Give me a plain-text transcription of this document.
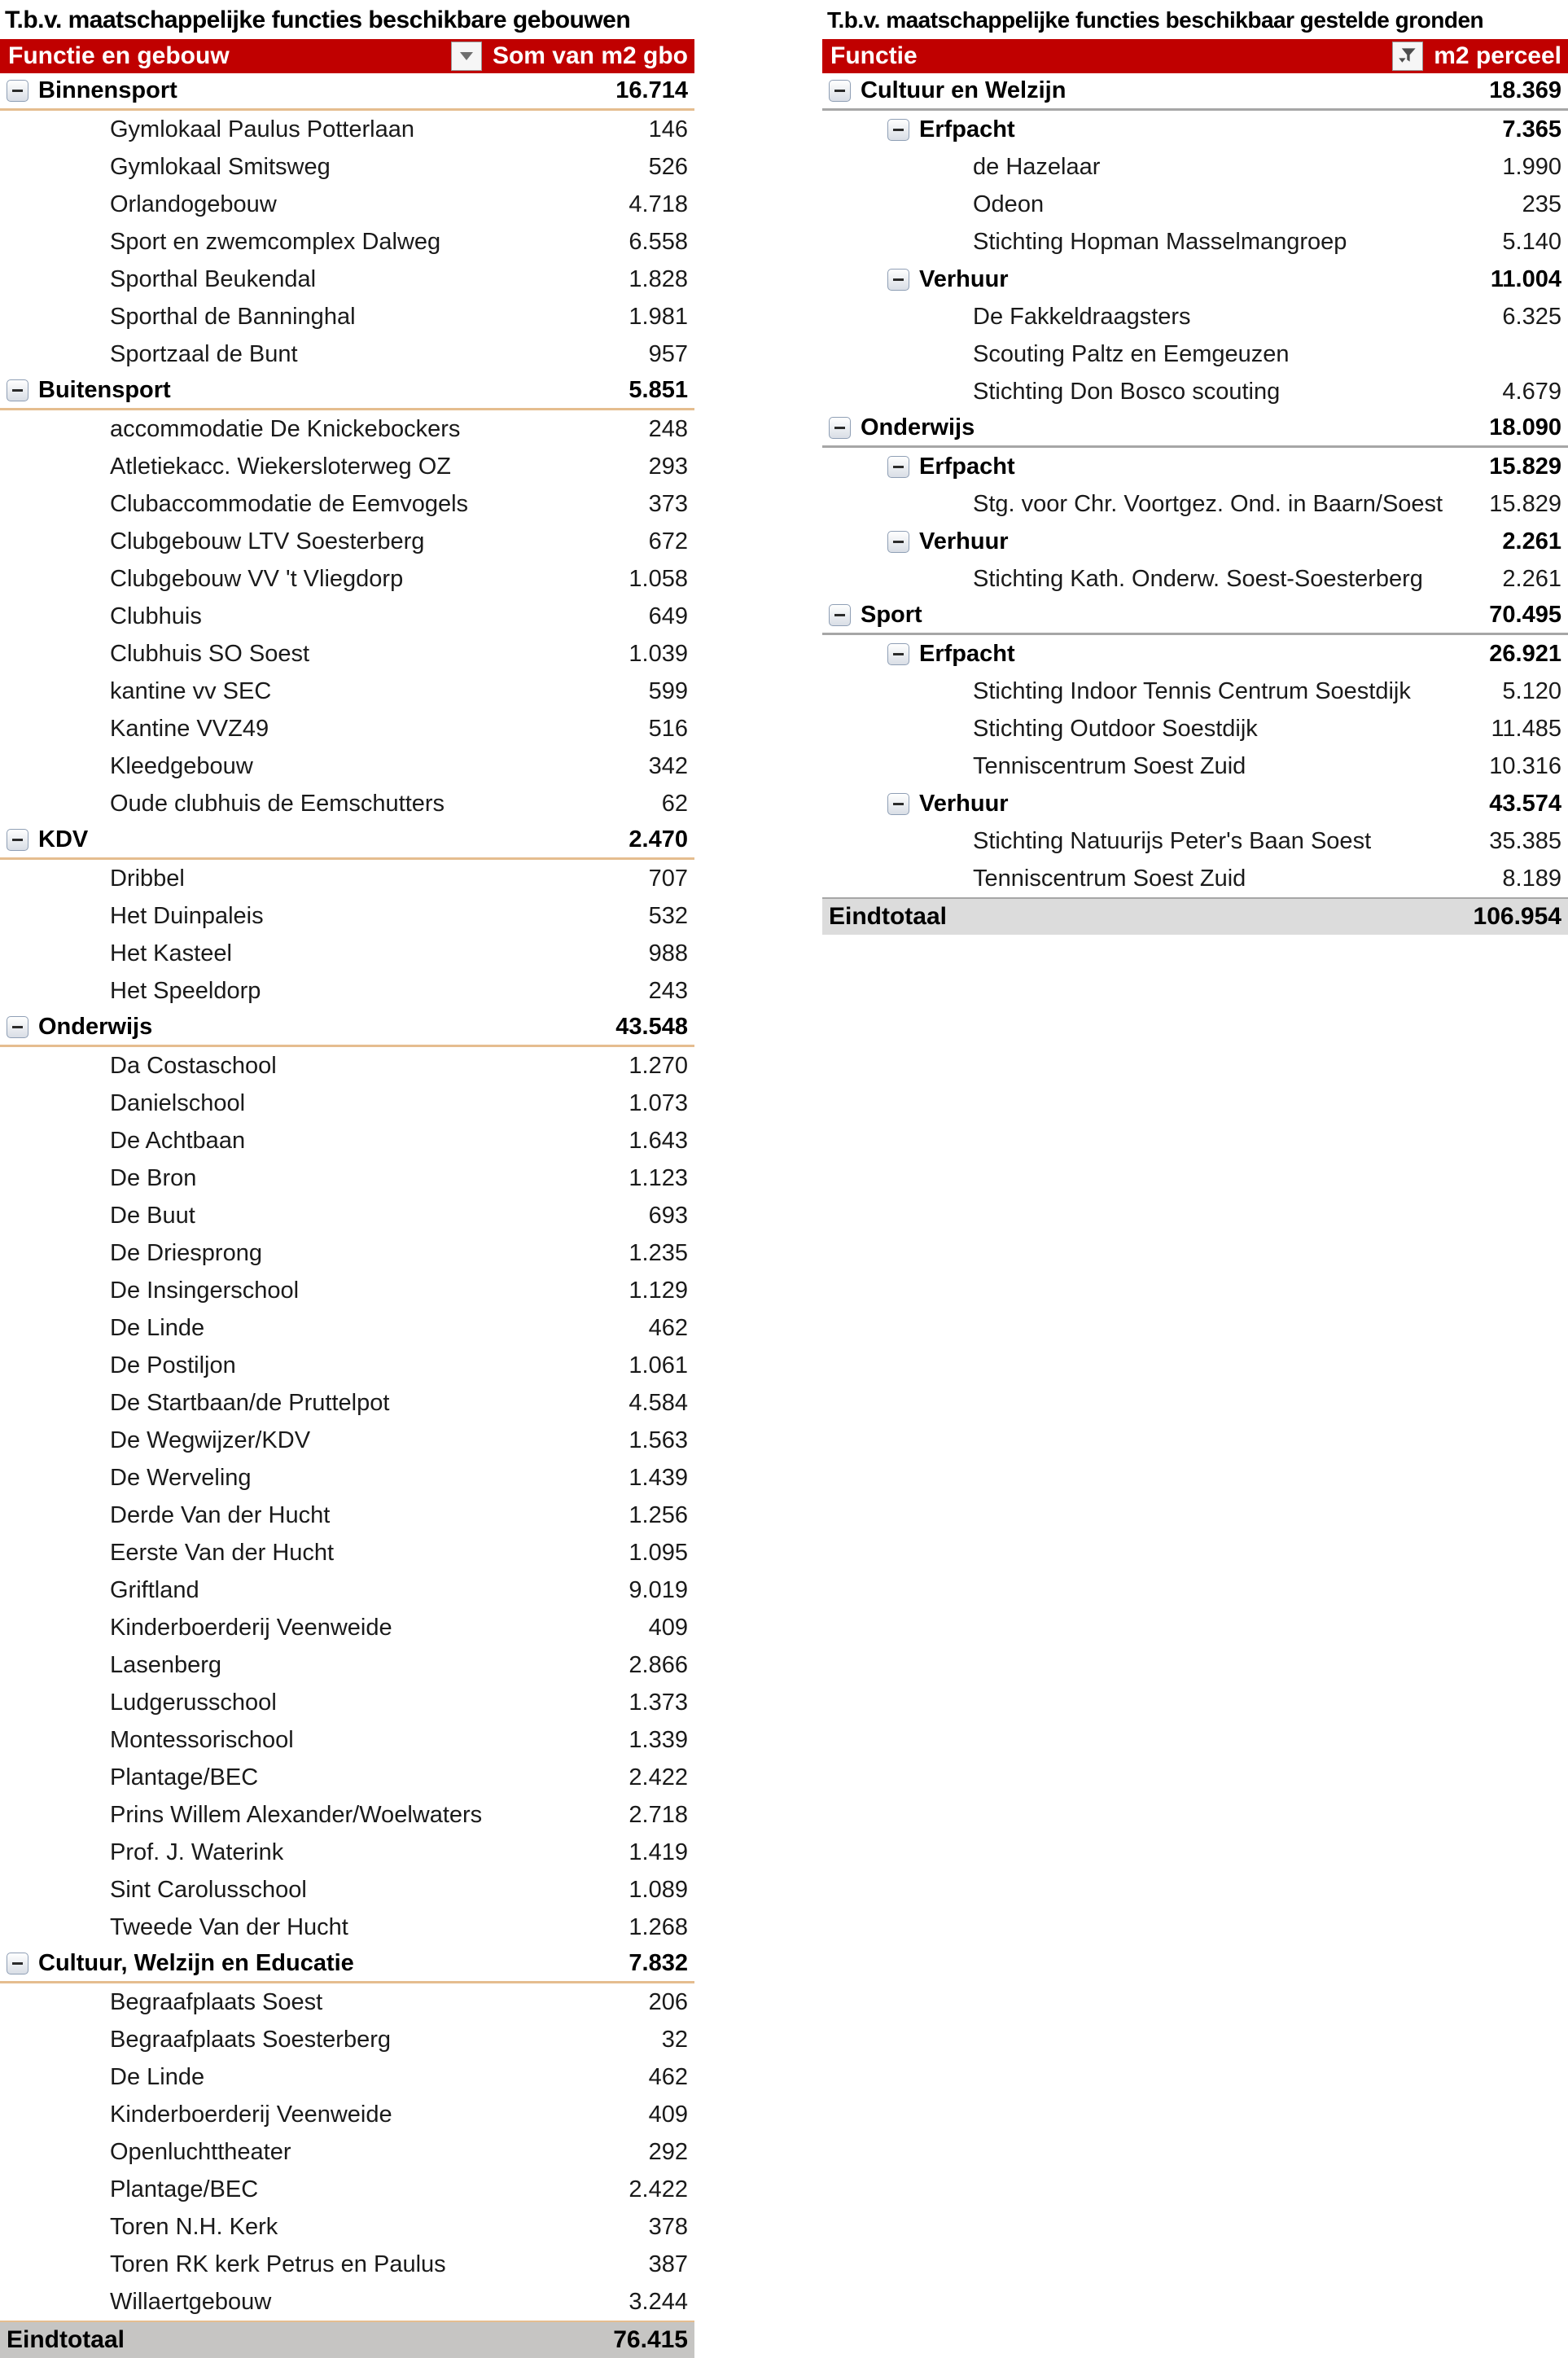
T.b.v. maatschappelijke functies beschikbare gebouwen
Functie en gebouw	Som van m2 gbo
Binnensport	16.714
Gymlokaal Paulus Potterlaan	146
Gymlokaal Smitsweg	526
Orlandogebouw	4.718
Sport en zwemcomplex Dalweg	6.558
Sporthal Beukendal	1.828
Sporthal de Banninghal	1.981
Sportzaal de Bunt	957
Buitensport	5.851
accommodatie De Knickebockers	248
Atletiekacc. Wiekersloterweg OZ	293
Clubaccommodatie de Eemvogels	373
Clubgebouw LTV Soesterberg	672
Clubgebouw VV 't Vliegdorp	1.058
Clubhuis	649
Clubhuis SO Soest	1.039
kantine vv SEC	599
Kantine VVZ49	516
Kleedgebouw	342
Oude clubhuis de Eemschutters	62
KDV	2.470
Dribbel	707
Het Duinpaleis	532
Het Kasteel	988
Het Speeldorp	243
Onderwijs	43.548
Da Costaschool	1.270
Danielschool	1.073
De Achtbaan	1.643
De Bron	1.123
De Buut	693
De Driesprong	1.235
De Insingerschool	1.129
De Linde	462
De Postiljon	1.061
De Startbaan/de Pruttelpot	4.584
De Wegwijzer/KDV	1.563
De Werveling	1.439
Derde Van der Hucht	1.256
Eerste Van der Hucht	1.095
Griftland	9.019
Kinderboerderij Veenweide	409
Lasenberg	2.866
Ludgerusschool	1.373
Montessorischool	1.339
Plantage/BEC	2.422
Prins Willem Alexander/Woelwaters	2.718
Prof. J. Waterink	1.419
Sint Carolusschool	1.089
Tweede Van der Hucht	1.268
Cultuur, Welzijn en Educatie	7.832
Begraafplaats Soest	206
Begraafplaats Soesterberg	32
De Linde	462
Kinderboerderij Veenweide	409
Openluchttheater	292
Plantage/BEC	2.422
Toren N.H. Kerk	378
Toren RK kerk Petrus en Paulus	387
Willaertgebouw	3.244
Eindtotaal	76.415
T.b.v. maatschappelijke functies beschikbaar gestelde gronden
Functie	m2 perceel
Cultuur en Welzijn	18.369
Erfpacht	7.365
de Hazelaar	1.990
Odeon	235
Stichting Hopman Masselmangroep	5.140
Verhuur	11.004
De Fakkeldraagsters	6.325
Scouting Paltz en Eemgeuzen
Stichting Don Bosco scouting	4.679
Onderwijs	18.090
Erfpacht	15.829
Stg. voor Chr. Voortgez. Ond. in Baarn/Soest 15.829
Verhuur	2.261
Stichting Kath. Onderw. Soest-Soesterberg	2.261
Sport	70.495
Erfpacht	26.921
Stichting Indoor Tennis Centrum Soestdijk	5.120
Stichting Outdoor Soestdijk	11.485
Tenniscentrum Soest Zuid	10.316
Verhuur	43.574
Stichting Natuurijs Peter's Baan Soest	35.385
Tenniscentrum Soest Zuid	8.189
Eindtotaal	106.954
